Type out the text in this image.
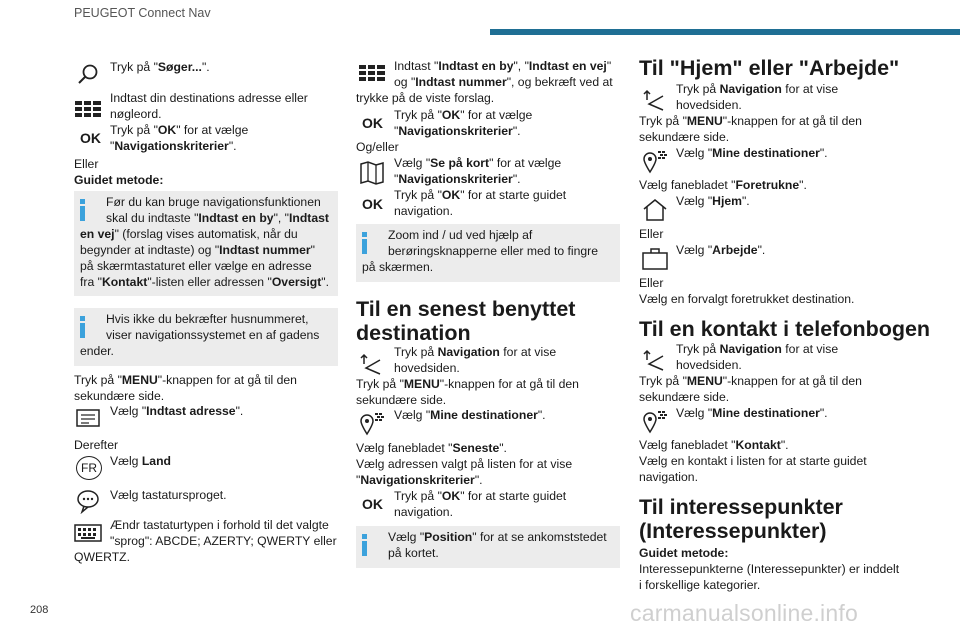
PEUGEOT Connect Nav
208	carmanualsonline.info
Tryk på "Søger...".
Indtast din destinations adresse eller
nøgleord.
OK Tryk på "OK" for at vælge
"Navigationskriterier".
Eller
Guidet metode:
Før du kan bruge navigationsfunktionen
skal du indtaste "Indtast en by", "Indtast
en vej" (forslag vises automatisk, når du
begynder at indtaste) og "Indtast nummer"
på skærmtastaturet eller vælge en adresse
fra "Kontakt"-listen eller adressen "Oversigt".
Hvis ikke du bekræfter husnummeret,
viser navigationssystemet en af gadens
ender.
Tryk på "MENU"-knappen for at gå til den
sekundære side.
Vælg "Indtast adresse".
Derefter
Vælg Land
FR
Vælg tastatursproget.
Ændr tastaturtypen i forhold til det valgte
"sprog": ABCDE; AZERTY; QWERTY eller
QWERTZ.
Indtast "Indtast en by", "Indtast en vej"
og "Indtast nummer", og bekræft ved at
trykke på de viste forslag.
OK Tryk på "OK" for at vælge
"Navigationskriterier".
Og/eller
Vælg "Se på kort" for at vælge
"Navigationskriterier".
OK
Tryk på "OK" for at starte guidet
navigation.
Zoom ind / ud ved hjælp af
berøringsknapperne eller med to fingre
på skærmen.
Til en senest benyttet
destination
Tryk på Navigation for at vise
hovedsiden.
Tryk på "MENU"-knappen for at gå til den
sekundære side.
Vælg "Mine destinationer".
Vælg fanebladet "Seneste".
Vælg adressen valgt på listen for at vise
"Navigationskriterier".
OK Tryk på "OK" for at starte guidet
navigation.
Vælg "Position" for at se ankomststedet
på kortet.
Til "Hjem" eller "Arbejde"
Tryk på Navigation for at vise
hovedsiden.
Tryk på "MENU"-knappen for at gå til den
sekundære side.
Vælg "Mine destinationer".
Vælg fanebladet "Foretrukne".
Vælg "Hjem".
Eller
Vælg "Arbejde".
Eller
Vælg en forvalgt foretrukket destination.
Til en kontakt i telefonbogen
Tryk på Navigation for at vise
hovedsiden.
Tryk på "MENU"-knappen for at gå til den
sekundære side.
Vælg "Mine destinationer".
Vælg fanebladet "Kontakt".
Vælg en kontakt i listen for at starte guidet
navigation.
Til interessepunkter
(Interessepunkter)
Guidet metode:
Interessepunkterne (Interessepunkter) er inddelt
i forskellige kategorier.
